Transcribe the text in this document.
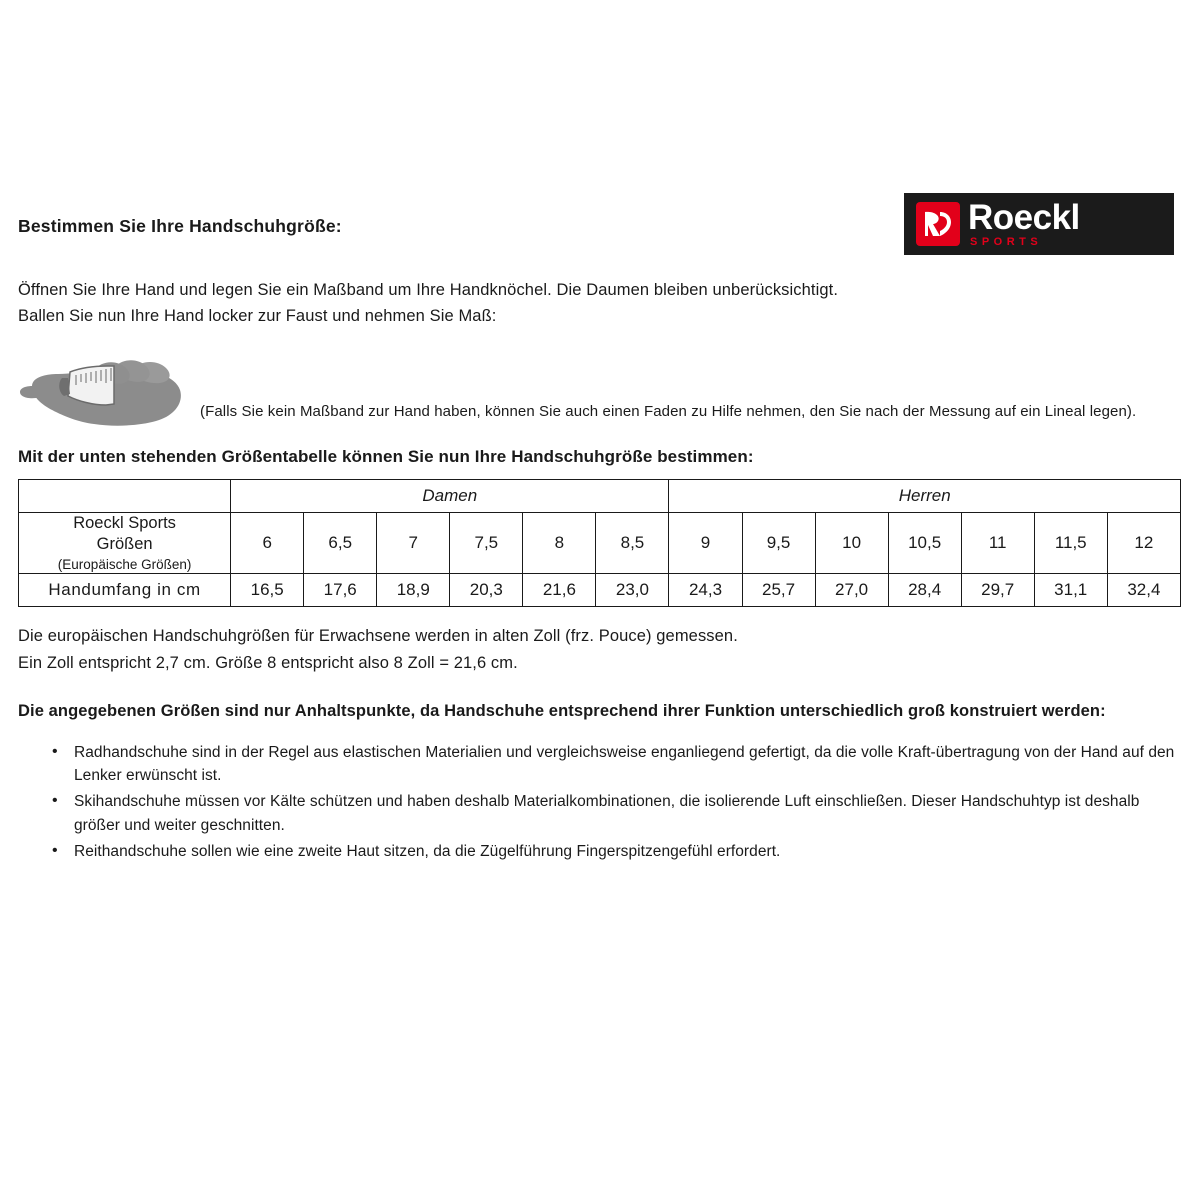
Bestimmen Sie Ihre Handschuhgröße:	Roeckl
SPORTS

Öffnen Sie Ihre Hand und legen Sie ein Maßband um Ihre Handknöchel. Die Daumen bleiben unberücksichtigt.
Ballen Sie nun Ihre Hand locker zur Faust und nehmen Sie Maß:

(Falls Sie kein Maßband zur Hand haben, können Sie auch einen Faden zu Hilfe nehmen, den Sie nach der Messung auf ein Lineal legen).
Mit der unten stehenden Größentabelle können Sie nun Ihre Handschuhgröße bestimmen:
	Damen						Herren						

Roeckl Sports
Größen
(Europäische Größen)	6	6,5	7	7,5	8	8,5	9	9,5	10	10,5	11	11,5	12
Handumfang in cm	16,5	17,6	18,9	20,3	21,6	23,0	24,3	25,7	27,0	28,4	29,7	31,1	32,4

Die europäischen Handschuhgrößen für Erwachsene werden in alten Zoll (frz. Pouce) gemessen.
Ein Zoll entspricht 2,7 cm. Größe 8 entspricht also 8 Zoll = 21,6 cm.

Die angegebenen Größen sind nur Anhaltspunkte, da Handschuhe entsprechend ihrer Funktion unterschiedlich groß konstruiert werden:

• Radhandschuhe sind in der Regel aus elastischen Materialien und vergleichsweise enganliegend gefertigt, da die volle Kraft-übertragung von der Hand auf den Lenker erwünscht ist.
• Skihandschuhe müssen vor Kälte schützen und haben deshalb Materialkombinationen, die isolierende Luft einschließen. Dieser Handschuhtyp ist deshalb größer und weiter geschnitten.
• Reithandschuhe sollen wie eine zweite Haut sitzen, da die Zügelführung Fingerspitzengefühl erfordert.
